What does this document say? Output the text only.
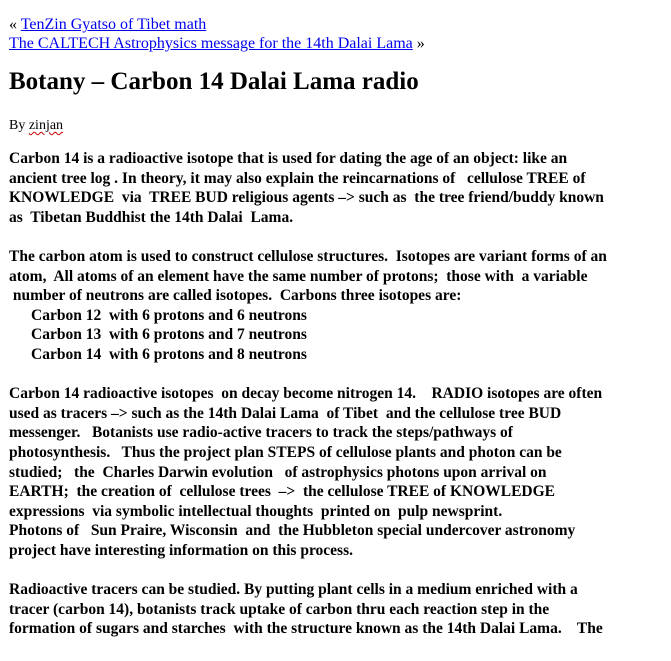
« TenZin Gyatso of Tibet math
The CALTECH Astrophysics message for the 14th Dalai Lama »
Botany – Carbon 14 Dalai Lama radio
By zinjan
Carbon 14 is a radioactive isotope that is used for dating the age of an object: like an
ancient tree log . In theory, it may also explain the reincarnations of   cellulose TREE of
KNOWLEDGE  via  TREE BUD religious agents –> such as  the tree friend/buddy known
as  Tibetan Buddhist the 14th Dalai  Lama.
The carbon atom is used to construct cellulose structures.  Isotopes are variant forms of an
atom,  All atoms of an element have the same number of protons;  those with  a variable
number of neutrons are called isotopes.  Carbons three isotopes are:
Carbon 12  with 6 protons and 6 neutrons
Carbon 13  with 6 protons and 7 neutrons
Carbon 14  with 6 protons and 8 neutrons
Carbon 14 radioactive isotopes  on decay become nitrogen 14.    RADIO isotopes are often
used as tracers –> such as the 14th Dalai Lama  of Tibet  and the cellulose tree BUD
messenger.   Botanists use radio-active tracers to track the steps/pathways of
photosynthesis.   Thus the project plan STEPS of cellulose plants and photon can be
studied;   the  Charles Darwin evolution   of astrophysics photons upon arrival on
EARTH;  the creation of  cellulose trees  –>  the cellulose TREE of KNOWLEDGE
expressions  via symbolic intellectual thoughts  printed on  pulp newsprint.
Photons of   Sun Praire, Wisconsin  and  the Hubbleton special undercover astronomy
project have interesting information on this process.
Radioactive tracers can be studied. By putting plant cells in a medium enriched with a
tracer (carbon 14), botanists track uptake of carbon thru each reaction step in the
formation of sugars and starches  with the structure known as the 14th Dalai Lama.    The
